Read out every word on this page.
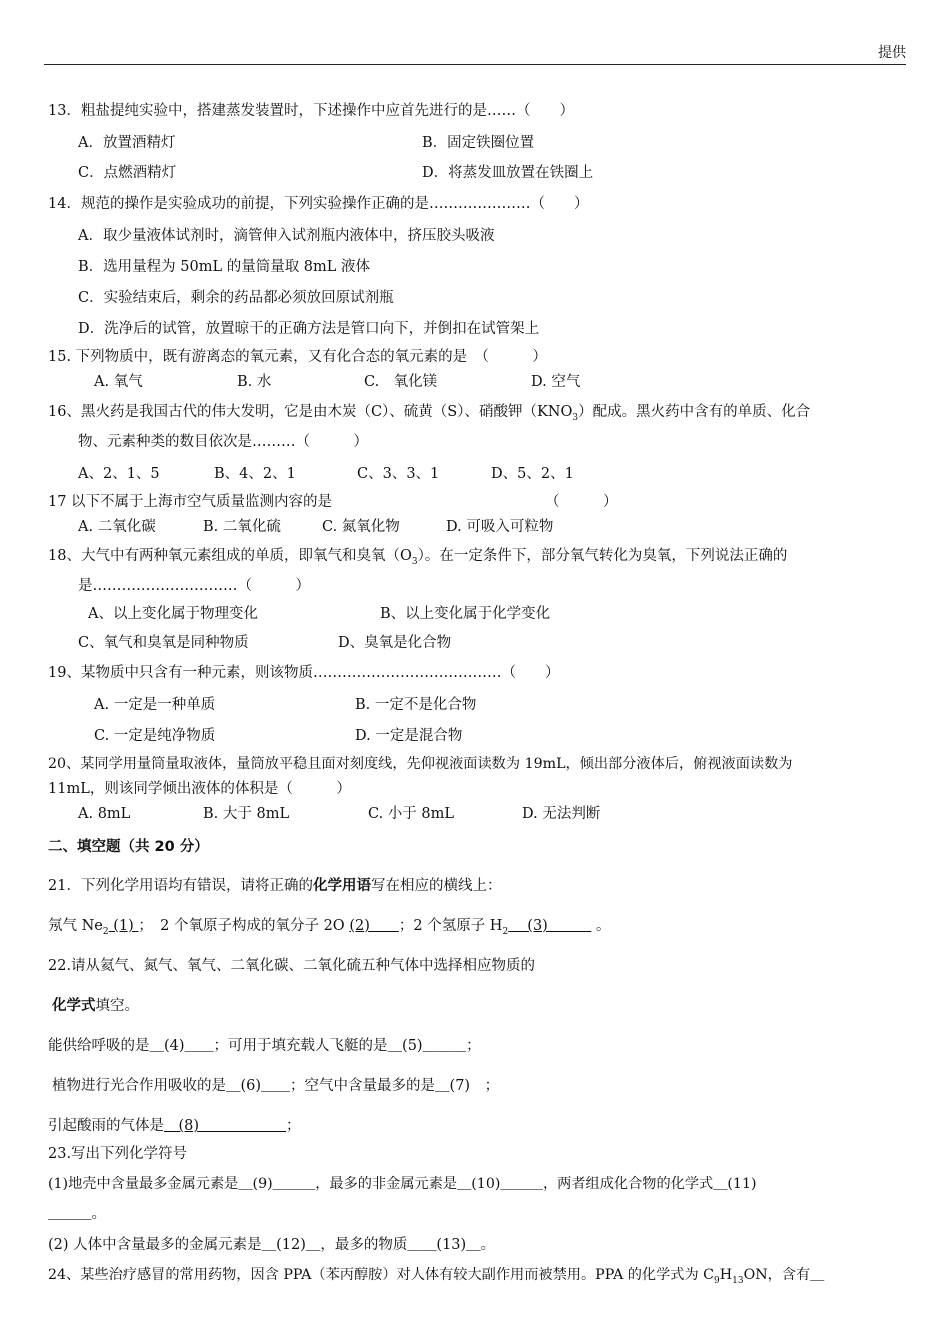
提供
13．粗盐提纯实验中，搭建蒸发装置时，下述操作中应首先进行的是……（　　）
A．放置酒精灯	B．固定铁圈位置
C．点燃酒精灯	D．将蒸发皿放置在铁圈上
14．规范的操作是实验成功的前提，下列实验操作正确的是…………………（　　）
A．取少量液体试剂时，滴管伸入试剂瓶内液体中，挤压胶头吸液
B．选用量程为 50mL 的量筒量取 8mL 液体
C．实验结束后，剩余的药品都必须放回原试剂瓶
D．洗净后的试管，放置晾干的正确方法是管口向下，并倒扣在试管架上
15. 下列物质中，既有游离态的氧元素，又有化合态的氧元素的是　（　　　）
A. 氧气	B. 水	C.　氧化镁	D. 空气
16、黑火药是我国古代的伟大发明，它是由木炭（C）、硫黄（S）、硝酸钾$(KNO_3)$配成。黑火药中含有的单质、化合
物、元素种类的数目依次是………（　　　）
A、2、1、5	B、4、2、1	C、3、3、1	D、5、2、1
17 以下不属于上海市空气质量监测内容的是	（　　　）
A. 二氧化碳	B. 二氧化硫	C. 氮氧化物	D. 可吸入可粒物
18、大气中有两种氧元素组成的单质，即氧气和臭氧$(O_3)$。在一定条件下，部分氧气转化为臭氧，下列说法正确的
是…………………………（　　　）
A、以上变化属于物理变化	B、以上变化属于化学变化
C、氧气和臭氧是同种物质	D、臭氧是化合物
19、某物质中只含有一种元素，则该物质…………………………………（　　）
A. 一定是一种单质	B. 一定不是化合物
C. 一定是纯净物质	D. 一定是混合物
20、某同学用量筒量取液体，量筒放平稳且面对刻度线，先仰视液面读数为 19mL，倾出部分液体后，俯视液面读数为
11mL，则该同学倾出液体的体积是（　　　）
A. 8mL	B. 大于 8mL	C. 小于 8mL	D. 无法判断
二、填空题（共 20 分）
21．下列化学用语均有错误，请将正确的化学用语写在相应的横线上：
氖气 $Ne_2$ (1) ；　2 个氧原子构成的氧分子 2O (2)　　；2 个氢原子 $H_2$ 　(3)　　　 。
22.请从氦气、氮气、氧气、二氧化碳、二氧化硫五种气体中选择相应物质的
化学式填空。
能供给呼吸的是＿(4)＿＿；可用于填充载人飞艇的是＿(5)＿＿＿；
植物进行光合作用吸收的是＿(6)＿＿；空气中含量最多的是＿(7)　；
引起酸雨的气体是　(8)　　　　　　；
23.写出下列化学符号
(1)地壳中含量最多金属元素是＿(9)＿＿＿，最多的非金属元素是＿(10)＿＿＿，两者组成化合物的化学式＿(11)
＿＿＿。
(2) 人体中含量最多的金属元素是＿(12)＿，最多的物质＿＿(13)＿。
24、某些治疗感冒的常用药物，因含 PPA（苯丙醇胺）对人体有较大副作用而被禁用。PPA 的化学式为 $C_9H_{13}ON$，含有＿
